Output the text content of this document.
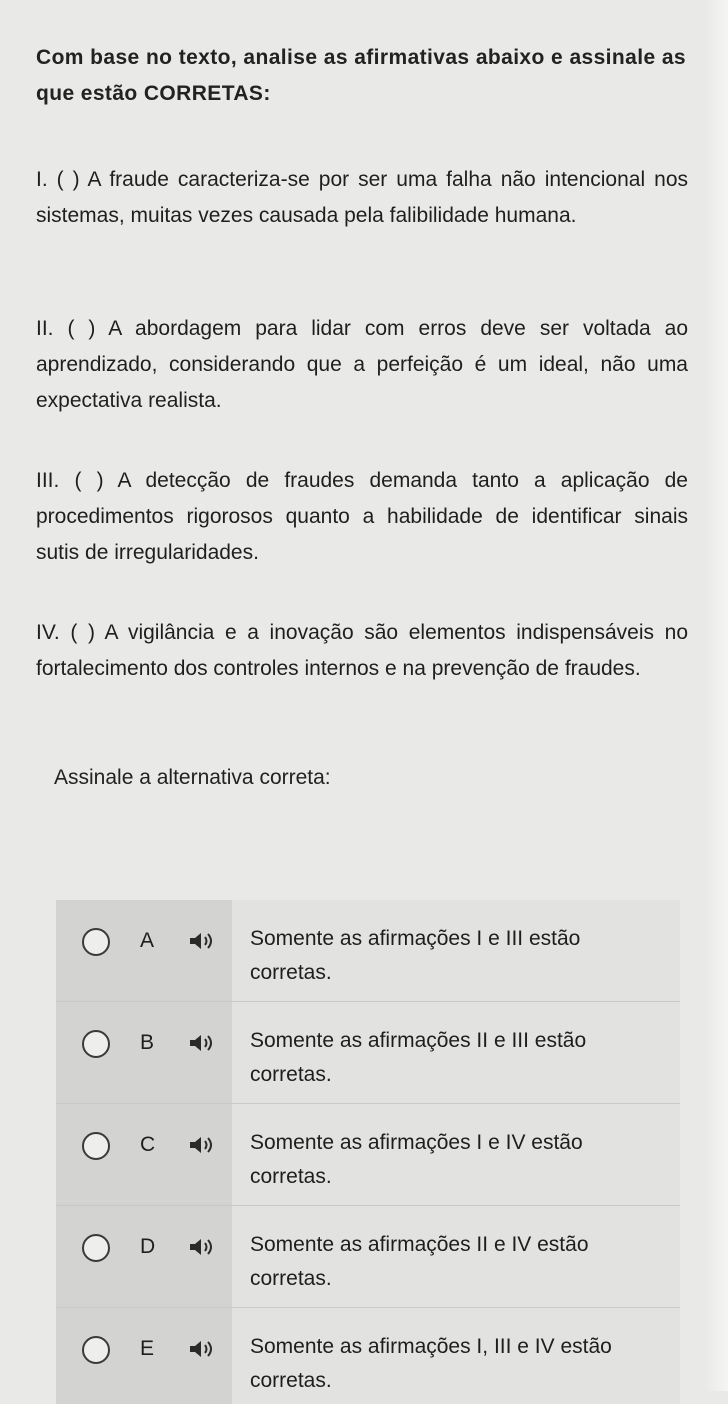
Com base no texto, analise as afirmativas abaixo e assinale as que estão CORRETAS:
I. ( ) A fraude caracteriza-se por ser uma falha não intencional nos sistemas, muitas vezes causada pela falibilidade humana.
II. ( ) A abordagem para lidar com erros deve ser voltada ao aprendizado, considerando que a perfeição é um ideal, não uma expectativa realista.
III. ( ) A detecção de fraudes demanda tanto a aplicação de procedimentos rigorosos quanto a habilidade de identificar sinais sutis de irregularidades.
IV. ( ) A vigilância e a inovação são elementos indispensáveis no fortalecimento dos controles internos e na prevenção de fraudes.
Assinale a alternativa correta:
A	Somente as afirmações I e III estão corretas.
B	Somente as afirmações II e III estão corretas.
C	Somente as afirmações I e IV estão corretas.
D	Somente as afirmações II e IV estão corretas.
E	Somente as afirmações I, III e IV estão corretas.
